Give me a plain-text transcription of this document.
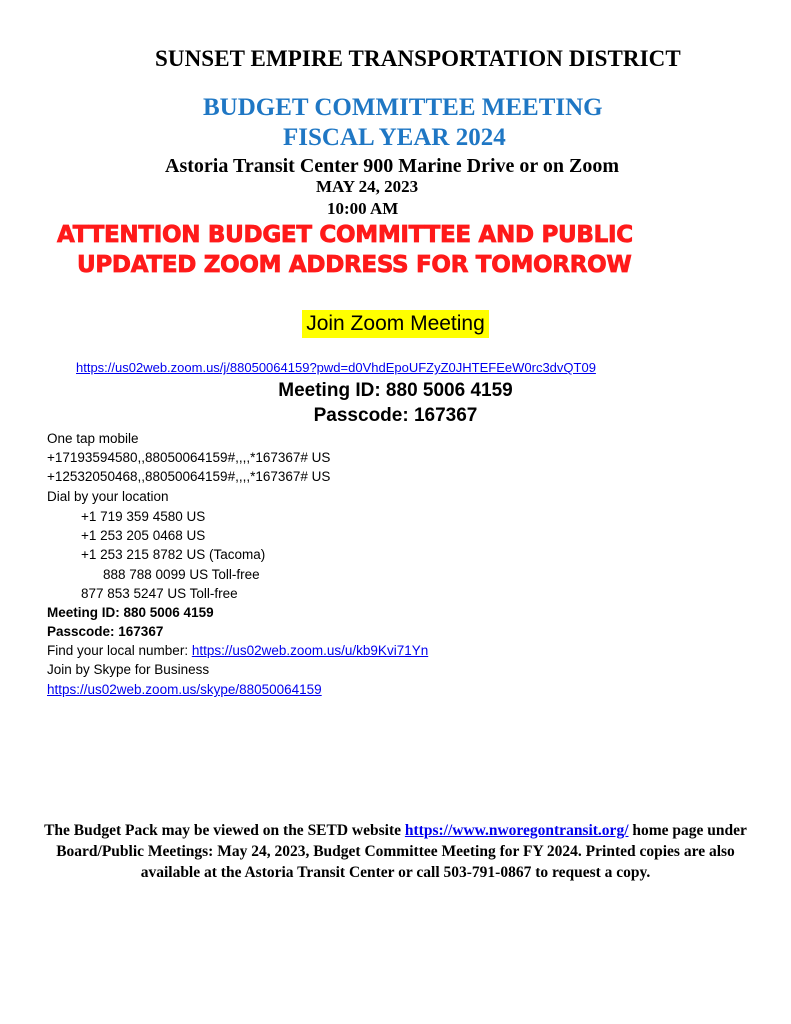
SUNSET EMPIRE TRANSPORTATION DISTRICT
BUDGET COMMITTEE MEETING
FISCAL YEAR 2024
Astoria Transit Center 900 Marine Drive or on Zoom
MAY 24, 2023
10:00 AM
ATTENTION BUDGET COMMITTEE AND PUBLIC
UPDATED ZOOM ADDRESS FOR TOMORROW
Join Zoom Meeting
https://us02web.zoom.us/j/88050064159?pwd=d0VhdEpoUFZyZ0JHTEFEeW0rc3dvQT09
Meeting ID: 880 5006 4159
Passcode: 167367
One tap mobile
+17193594580,,88050064159#,,,,*167367# US
+12532050468,,88050064159#,,,,*167367# US
Dial by your location
+1 719 359 4580 US
+1 253 205 0468 US
+1 253 215 8782 US (Tacoma)
888 788 0099 US Toll-free
877 853 5247 US Toll-free
Meeting ID: 880 5006 4159
Passcode: 167367
Find your local number: https://us02web.zoom.us/u/kb9Kvi71Yn
Join by Skype for Business
https://us02web.zoom.us/skype/88050064159
The Budget Pack may be viewed on the SETD website https://www.nworegontransit.org/ home page under Board/Public Meetings: May 24, 2023, Budget Committee Meeting for FY 2024. Printed copies are also available at the Astoria Transit Center or call 503-791-0867 to request a copy.
